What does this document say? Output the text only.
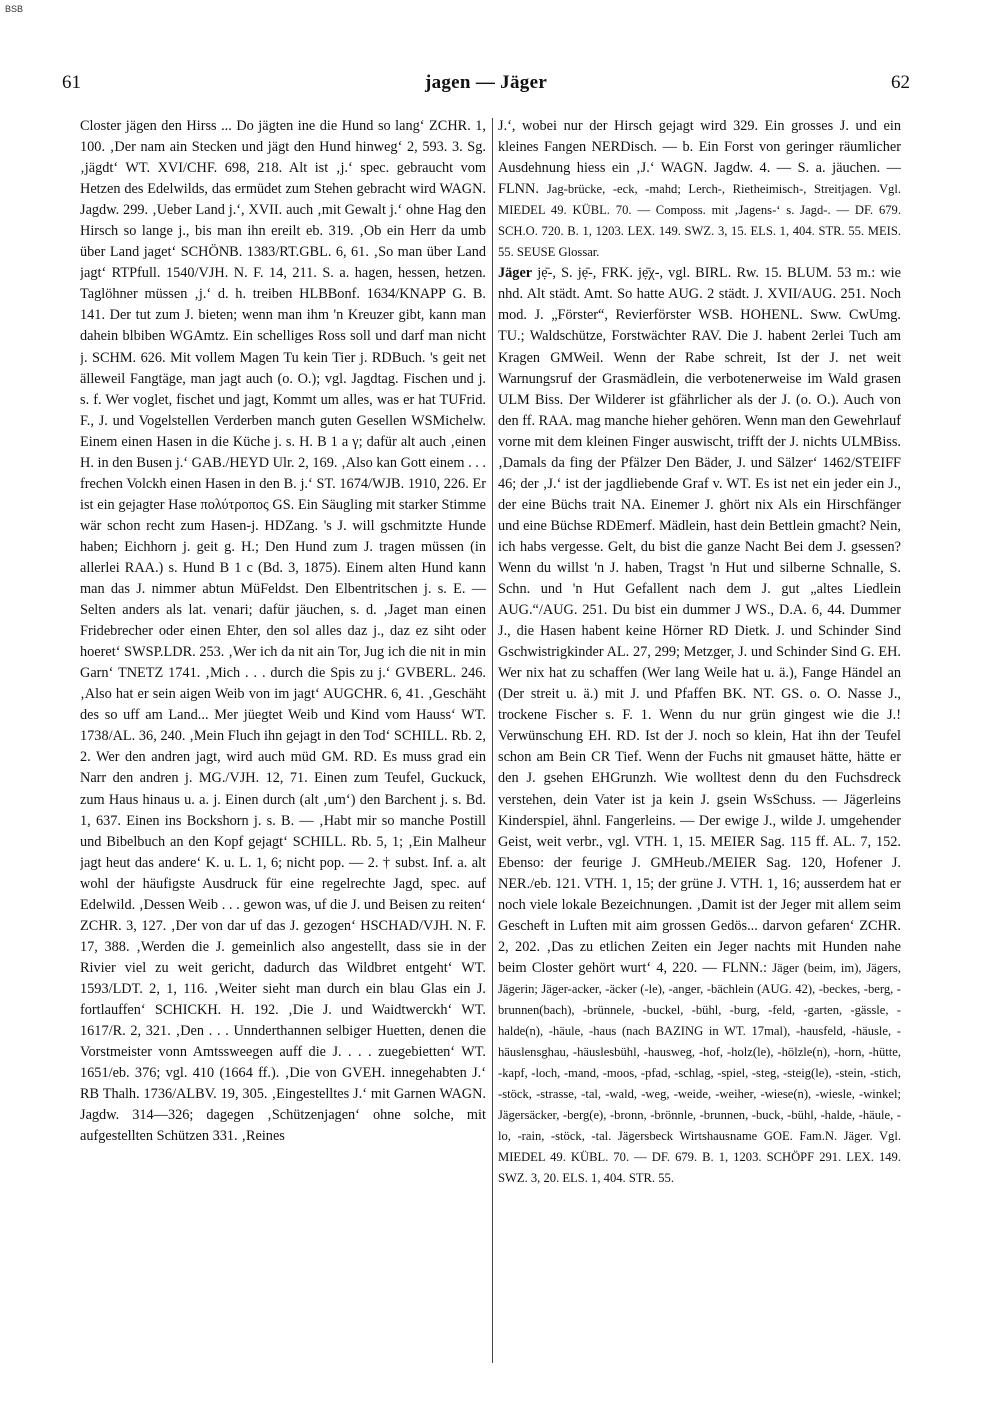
BSB
61	jagen — Jäger	62

Closter jägen den Hirss ... Do jägten ine die Hund so lang‘ ZCHR. 1, 100. ‚Der nam ain Stecken und jägt den Hund hinweg‘ 2, 593. 3. Sg. ‚jägdt‘ WT. XVI/CHF. 698, 218. Alt ist ‚j.‘ spec. gebraucht vom Hetzen des Edelwilds, das ermüdet zum Stehen gebracht wird WAGN. Jagdw. 299. ‚Ueber Land j.‘, XVII. auch ‚mit Gewalt j.‘ ohne Hag den Hirsch so lange j., bis man ihn ereilt eb. 319. ‚Ob ein Herr da umb über Land jaget‘ SCHÖNB. 1383/RT.GBL. 6, 61. ‚So man über Land jagt‘ RTPfull. 1540/VJH. N. F. 14, 211. S. a. hagen, hessen, hetzen. Taglöhner müssen ‚j.‘ d. h. treiben HLBBonf. 1634/KNAPP G. B. 141. Der tut zum J. bieten; wenn man ihm 'n Kreuzer gibt, kann man dahein blbiben WGAmtz. Ein schelliges Ross soll und darf man nicht j. SCHM. 626. Mit vollem Magen Tu kein Tier j. RDBuch. 's geit net älleweil Fangtäge, man jagt auch (o. O.); vgl. Jagdtag. Fischen und j. s. f. Wer voglet, fischet und jagt, Kommt um alles, was er hat TUFrid. F., J. und Vogelstellen Verderben manch guten Gesellen WSMichelw. Einem einen Hasen in die Küche j. s. H. B 1 a γ; dafür alt auch ‚einen H. in den Busen j.‘ GAB./HEYD Ulr. 2, 169. ‚Also kan Gott einem . . . frechen Volckh einen Hasen in den B. j.‘ ST. 1674/WJB. 1910, 226. Er ist ein gejagter Hase πολύτροπος GS. Ein Säugling mit starker Stimme wär schon recht zum Hasen-j. HDZang. 's J. will gschmitzte Hunde haben; Eichhorn j. geit g. H.; Den Hund zum J. tragen müssen (in allerlei RAA.) s. Hund B 1 c (Bd. 3, 1875). Einem alten Hund kann man das J. nimmer abtun MüFeldst. Den Elbentritschen j. s. E. — Selten anders als lat. venari; dafür jäuchen, s. d. ‚Jaget man einen Fridebrecher oder einen Ehter, den sol alles daz j., daz ez siht oder hoeret‘ SWSP.LDR. 253. ‚Wer ich da nit ain Tor, Jug ich die nit in min Garn‘ TNETZ 1741. ‚Mich . . . durch die Spis zu j.‘ GVBERL. 246. ‚Also hat er sein aigen Weib von im jagt‘ AUGCHR. 6, 41. ‚Geschäht des so uff am Land... Mer jüegtet Weib und Kind vom Hauss‘ WT. 1738/AL. 36, 240. ‚Mein Fluch ihn gejagt in den Tod‘ SCHILL. Rb. 2, 2. Wer den andren jagt, wird auch müd GM. RD. Es muss grad ein Narr den andren j. MG./VJH. 12, 71. Einen zum Teufel, Guckuck, zum Haus hinaus u. a. j. Einen durch (alt ‚um‘) den Barchent j. s. Bd. 1, 637. Einen ins Bockshorn j. s. B. — ‚Habt mir so manche Postill und Bibelbuch an den Kopf gejagt‘ SCHILL. Rb. 5, 1; ‚Ein Malheur jagt heut das andere‘ K. u. L. 1, 6; nicht pop. — 2. † subst. Inf. a. alt wohl der häufigste Ausdruck für eine regelrechte Jagd, spec. auf Edelwild. ‚Dessen Weib . . . gewon was, uf die J. und Beisen zu reiten‘ ZCHR. 3, 127. ‚Der von dar uf das J. gezogen‘ HSCHAD/VJH. N. F. 17, 388. ‚Werden die J. gemeinlich also angestellt, dass sie in der Rivier viel zu weit gericht, dadurch das Wildbret entgeht‘ WT. 1593/LDT. 2, 1, 116. ‚Weiter sieht man durch ein blau Glas ein J. fortlauffen‘ SCHICKH. H. 192. ‚Die J. und Waidtwerckh‘ WT. 1617/R. 2, 321. ‚Den . . . Unnderthannen selbiger Huetten, denen die Vorstmeister vonn Amtssweegen auff die J. . . . zuegebietten‘ WT. 1651/eb. 376; vgl. 410 (1664 ff.). ‚Die von GVEH. innegehabten J.‘ RB Thalh. 1736/ALBV. 19, 305. ‚Eingestelltes J.‘ mit Garnen WAGN. Jagdw. 314—326; dagegen ‚Schützenjagen‘ ohne solche, mit aufgestellten Schützen 331. ‚Reines

J.‘, wobei nur der Hirsch gejagt wird 329. Ein grosses J. und ein kleines Fangen NERDisch. — b. Ein Forst von geringer räumlicher Ausdehnung hiess ein ‚J.‘ WAGN. Jagdw. 4. — S. a. jäuchen. — FLNN. Jag-brücke, -eck, -mahd; Lerch-, Rietheimisch-, Streitjagen. Vgl. MIEDEL 49. KÜBL. 70. — Composs. mit ‚Jagens-‘ s. Jagd-. — DF. 679. SCH.O. 720. B. 1, 1203. LEX. 149. SWZ. 3, 15. ELS. 1, 404. STR. 55. MEIS. 55. SEUSE Glossar.

Jäger jẹ̄-, S. jẹ̄-, FRK. jẹ̄χ-, vgl. BIRL. Rw. 15. BLUM. 53 m.: wie nhd. Alt städt. Amt. So hatte AUG. 2 städt. J. XVII/AUG. 251. Noch mod. J. „Förster“, Revierförster WSB. HOHENL. Sww. CwUmg. TU.; Waldschütze, Forstwächter RAV. Die J. habent 2erlei Tuch am Kragen GMWeil. Wenn der Rabe schreit, Ist der J. net weit Warnungsruf der Grasmädlein, die verbotenerweise im Wald grasen ULM Biss. Der Wilderer ist gfährlicher als der J. (o. O.). Auch von den ff. RAA. mag manche hieher gehören. Wenn man den Gewehrlauf vorne mit dem kleinen Finger auswischt, trifft der J. nichts ULMBiss. ‚Damals da fing der Pfälzer Den Bäder, J. und Sälzer‘ 1462/STEIFF 46; der ‚J.‘ ist der jagdliebende Graf v. WT. Es ist net ein jeder ein J., der eine Büchs trait NA. Einemer J. ghört nix Als ein Hirschfänger und eine Büchse RDEmerf. Mädlein, hast dein Bettlein gmacht? Nein, ich habs vergesse. Gelt, du bist die ganze Nacht Bei dem J. gsessen? Wenn du willst 'n J. haben, Tragst 'n Hut und silberne Schnalle, S. Schn. und 'n Hut Gefallent nach dem J. gut „altes Liedlein AUG.“/AUG. 251. Du bist ein dummer J WS., D.A. 6, 44. Dummer J., die Hasen habent keine Hörner RD Dietk. J. und Schinder Sind Gschwistrigkinder AL. 27, 299; Metzger, J. und Schinder Sind G. EH. Wer nix hat zu schaffen (Wer lang Weile hat u. ä.), Fange Händel an (Der streit u. ä.) mit J. und Pfaffen BK. NT. GS. o. O. Nasse J., trockene Fischer s. F. 1. Wenn du nur grün gingest wie die J.! Verwünschung EH. RD. Ist der J. noch so klein, Hat ihn der Teufel schon am Bein CR Tief. Wenn der Fuchs nit gmauset hätte, hätte er den J. gsehen EHGrunzh. Wie wolltest denn du den Fuchsdreck verstehen, dein Vater ist ja kein J. gsein WsSchuss. — Jägerleins Kinderspiel, ähnl. Fangerleins. — Der ewige J., wilde J. umgehender Geist, weit verbr., vgl. VTH. 1, 15. MEIER Sag. 115 ff. AL. 7, 152. Ebenso: der feurige J. GMHeub./MEIER Sag. 120, Hofener J. NER./eb. 121. VTH. 1, 15; der grüne J. VTH. 1, 16; ausserdem hat er noch viele lokale Bezeichnungen. ‚Damit ist der Jeger mit allem seim Gescheft in Luften mit aim grossen Gedös... darvon gefaren‘ ZCHR. 2, 202. ‚Das zu etlichen Zeiten ein Jeger nachts mit Hunden nahe beim Closter gehört wurt‘ 4, 220. — FLNN.: Jäger (beim, im), Jägers, Jägerin; Jäger-acker, -äcker (-le), -anger, -bächlein (AUG. 42), -beckes, -berg, -brunnen(bach), -brünnele, -buckel, -bühl, -burg, -feld, -garten, -gässle, -halde(n), -häule, -haus (nach BAZING in WT. 17mal), -hausfeld, -häusle, -häuslensghau, -häuslesbühl, -hausweg, -hof, -holz(le), -hölzle(n), -horn, -hütte, -kapf, -loch, -mand, -moos, -pfad, -schlag, -spiel, -steg, -steig(le), -stein, -stich, -stöck, -strasse, -tal, -wald, -weg, -weide, -weiher, -wiese(n), -wiesle, -winkel; Jägersäcker, -berg(e), -bronn, -brönnle, -brunnen, -buck, -bühl, -halde, -häule, -lo, -rain, -stöck, -tal. Jägersbeck Wirtshausname GOE. Fam.N. Jäger. Vgl. MIEDEL 49. KÜBL. 70. — DF. 679. B. 1, 1203. SCHÖPF 291. LEX. 149. SWZ. 3, 20. ELS. 1, 404. STR. 55.
